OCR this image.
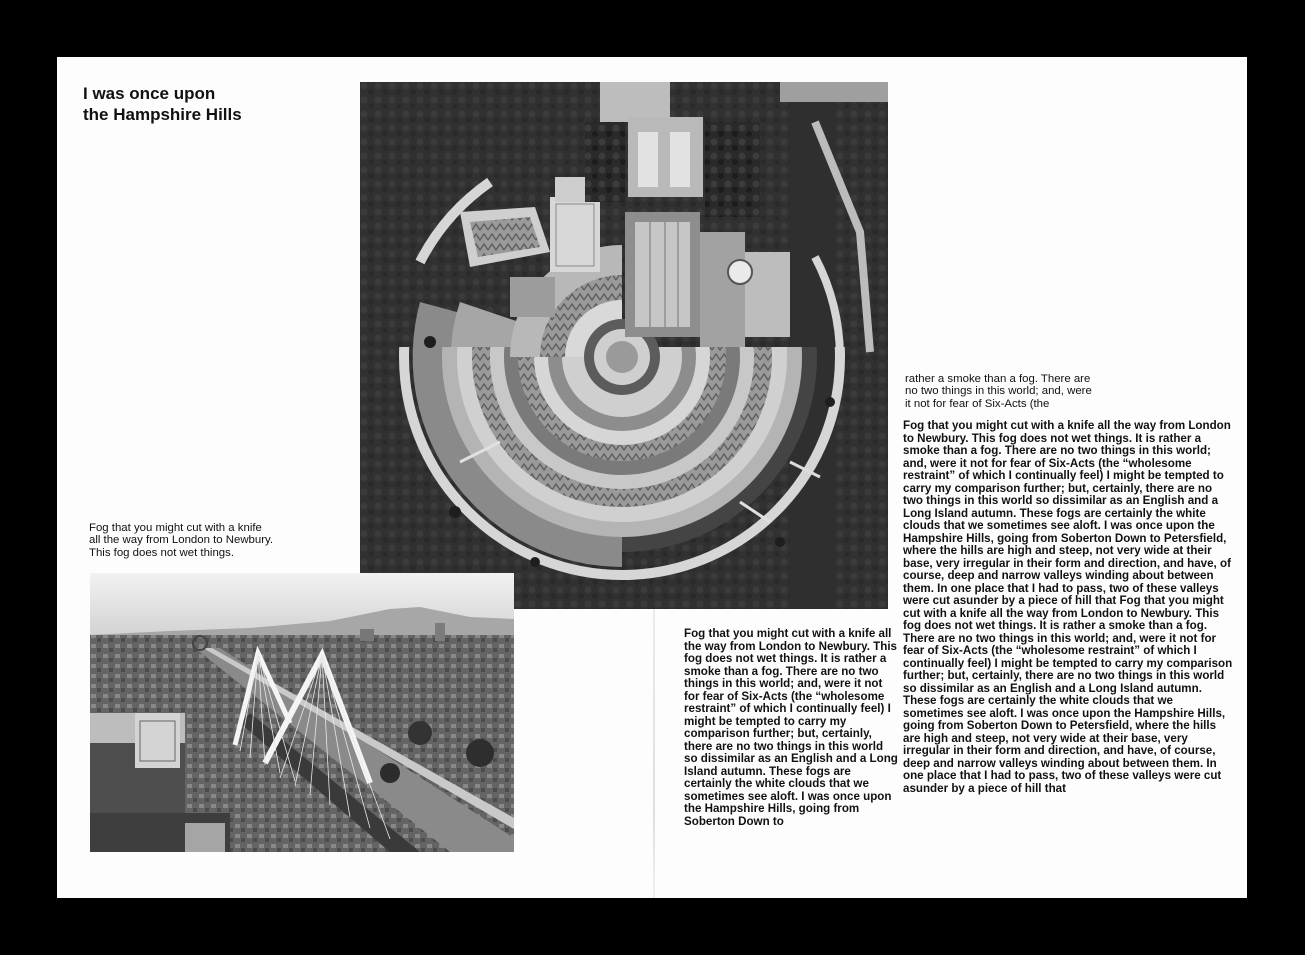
I was once upon
the Hampshire Hills

Fog that you might cut with a knife
all the way from London to Newbury.
This fog does not wet things.

Fog that you might cut with a knife all the way from London to Newbury. This fog does not wet things. It is rather a smoke than a fog. There are no two things in this world; and, were it not for fear of Six-Acts (the “wholesome restraint” of which I continually feel) I might be tempted to carry my comparison further; but, certainly, there are no two things in this world so dissimilar as an English and a Long Island autumn. These fogs are certainly the white clouds that we sometimes see aloft. I was once upon the Hampshire Hills, going from Soberton Down to

rather a smoke than a fog. There are
no two things in this world; and, were
it not for fear of Six-Acts (the

Fog that you might cut with a knife all the way from London to Newbury. This fog does not wet things. It is rather a smoke than a fog. There are no two things in this world; and, were it not for fear of Six-Acts (the “wholesome restraint” of which I continually feel) I might be tempted to carry my comparison further; but, certainly, there are no two things in this world so dissimilar as an English and a Long Island autumn. These fogs are certainly the white clouds that we sometimes see aloft. I was once upon the Hampshire Hills, going from Soberton Down to Petersfield, where the hills are high and steep, not very wide at their base, very irregular in their form and direction, and have, of course, deep and narrow valleys winding about between them. In one place that I had to pass, two of these valleys were cut asunder by a piece of hill that Fog that you might cut with a knife all the way from London to Newbury. This fog does not wet things. It is rather a smoke than a fog. There are no two things in this world; and, were it not for fear of Six-Acts (the “wholesome restraint” of which I continually feel) I might be tempted to carry my comparison further; but, certainly, there are no two things in this world so dissimilar as an English and a Long Island autumn. These fogs are certainly the white clouds that we sometimes see aloft. I was once upon the Hampshire Hills, going from Soberton Down to Petersfield, where the hills are high and steep, not very wide at their base, very irregular in their form and direction, and have, of course, deep and narrow valleys winding about between them. In one place that I had to pass, two of these valleys were cut asunder by a piece of hill that
